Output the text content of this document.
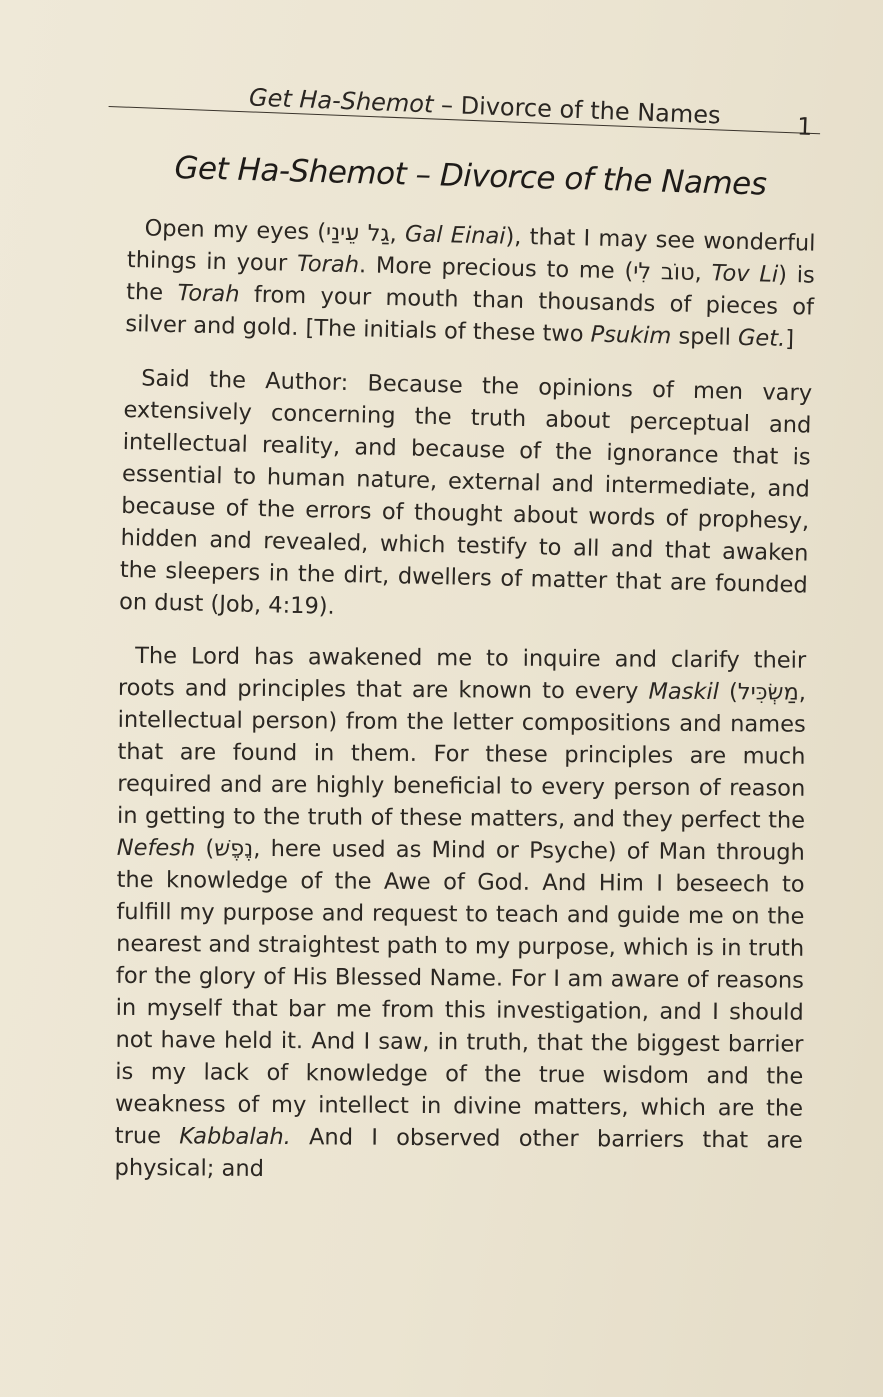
Get Ha-Shemot – Divorce of the Names	1
Get Ha-Shemot – Divorce of the Names

Open my eyes (גַל עֵינַי, Gal Einai), that I may see wonderful things in your Torah. More precious to me (טוֹב לִי, Tov Li) is the Torah from your mouth than thousands of pieces of silver and gold. [The initials of these two Psukim spell Get.]

Said the Author: Because the opinions of men vary extensively concerning the truth about perceptual and intellectual reality, and because of the ignorance that is essential to human nature, external and intermediate, and because of the errors of thought about words of prophesy, hidden and revealed, which testify to all and that awaken the sleepers in the dirt, dwellers of matter that are founded on dust (Job, 4:19).

The Lord has awakened me to inquire and clarify their roots and principles that are known to every Maskil (מַשְׂכִּיל, intellectual person) from the letter compositions and names that are found in them. For these principles are much required and are highly beneficial to every person of reason in getting to the truth of these matters, and they perfect the Nefesh (נֶפֶשׁ, here used as Mind or Psyche) of Man through the knowledge of the Awe of God. And Him I beseech to fulfill my purpose and request to teach and guide me on the nearest and straightest path to my purpose, which is in truth for the glory of His Blessed Name. For I am aware of reasons in myself that bar me from this investigation, and I should not have held it. And I saw, in truth, that the biggest barrier is my lack of knowledge of the true wisdom and the weakness of my intellect in divine matters, which are the true Kabbalah. And I observed other barriers that are physical; and
